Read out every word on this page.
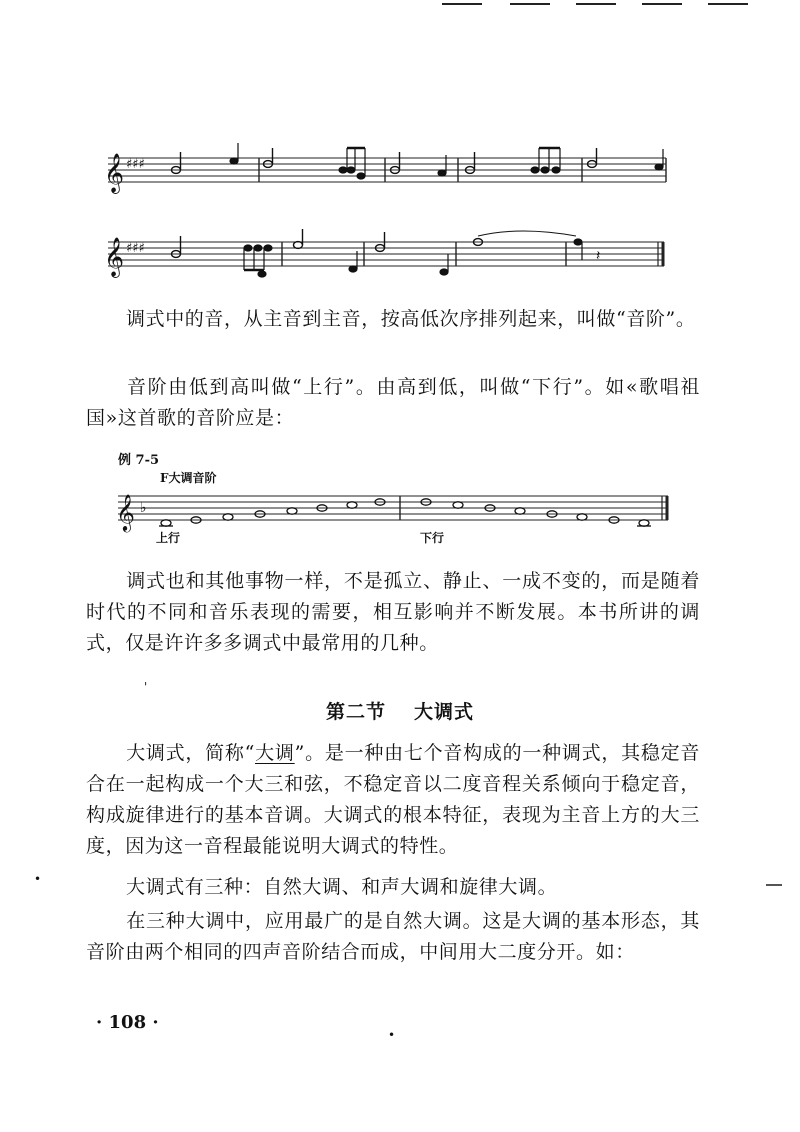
𝄞 ♯♯♯
𝄞 ♯♯♯	𝄽

调式中的音，从主音到主音，按高低次序排列起来，叫做“音阶”。

音阶由低到高叫做“上行”。由高到低，叫做“下行”。如«歌唱祖国»这首歌的音阶应是：

例 7-5
F大调音阶
𝄞 ♭
上行	下行

调式也和其他事物一样，不是孤立、静止、一成不变的，而是随着时代的不同和音乐表现的需要，相互影响并不断发展。本书所讲的调式，仅是许许多多调式中最常用的几种。

'
第二节 大调式

大调式，简称“大调”。是一种由七个音构成的一种调式，其稳定音合在一起构成一个大三和弦，不稳定音以二度音程关系倾向于稳定音，构成旋律进行的基本音调。大调式的根本特征，表现为主音上方的大三度，因为这一音程最能说明大调式的特性。

•	大调式有三种：自然大调、和声大调和旋律大调。

在三种大调中，应用最广的是自然大调。这是大调的基本形态，其音阶由两个相同的四声音阶结合而成，中间用大二度分开。如：

· 108 ·
•
